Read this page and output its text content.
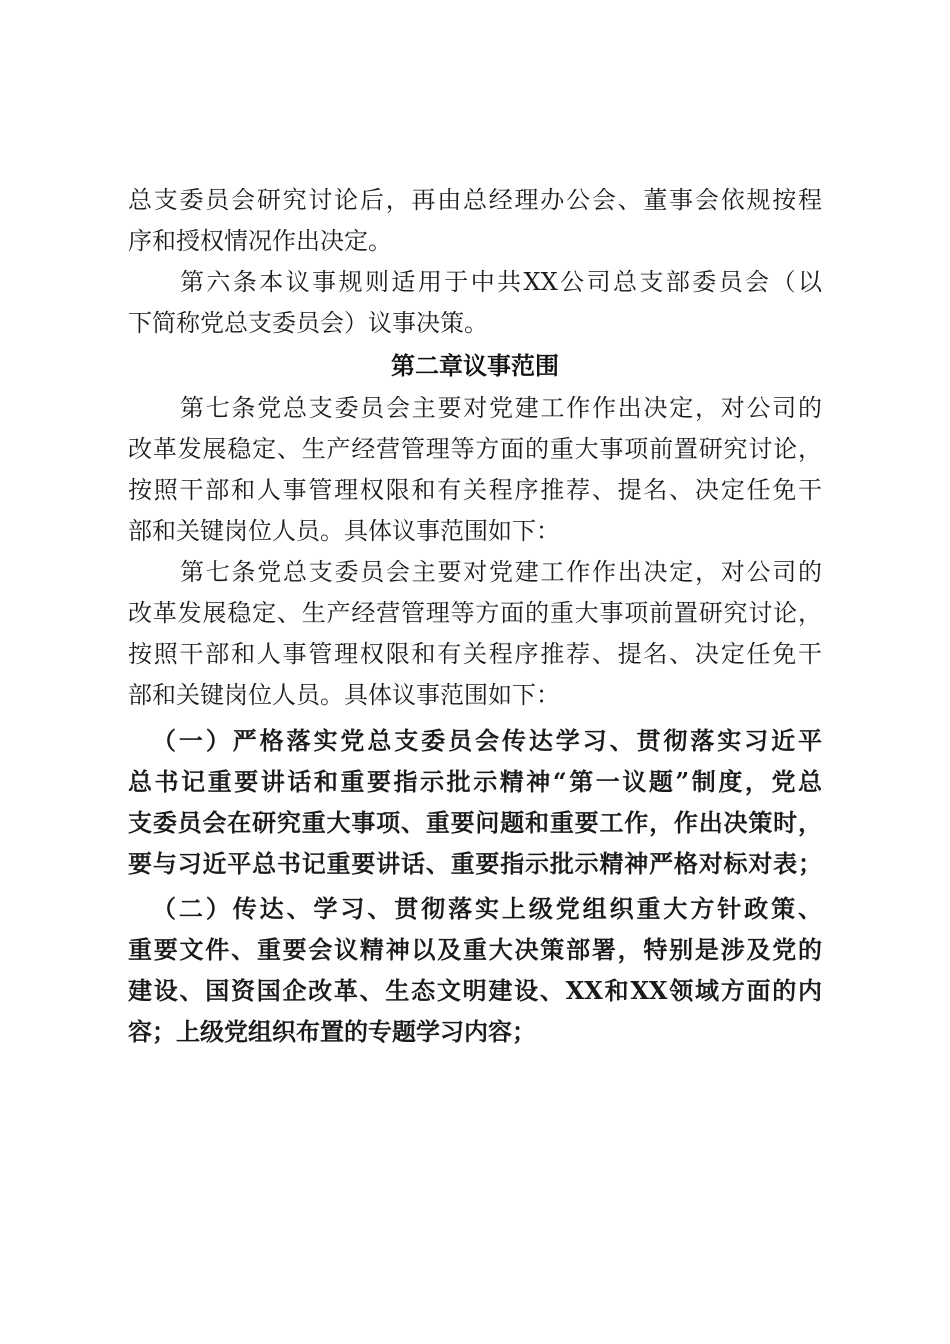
总支委员会研究讨论后，再由总经理办公会、董事会依规按程
序和授权情况作出决定。
第六条本议事规则适用于中共XX公司总支部委员会（以
下简称党总支委员会）议事决策。
第二章议事范围
第七条党总支委员会主要对党建工作作出决定，对公司的
改革发展稳定、生产经营管理等方面的重大事项前置研究讨论，
按照干部和人事管理权限和有关程序推荐、提名、决定任免干
部和关键岗位人员。具体议事范围如下：
第七条党总支委员会主要对党建工作作出决定，对公司的
改革发展稳定、生产经营管理等方面的重大事项前置研究讨论，
按照干部和人事管理权限和有关程序推荐、提名、决定任免干
部和关键岗位人员。具体议事范围如下：
（一）严格落实党总支委员会传达学习、贯彻落实习近平
总书记重要讲话和重要指示批示精神“第一议题”制度，党总
支委员会在研究重大事项、重要问题和重要工作，作出决策时，
要与习近平总书记重要讲话、重要指示批示精神严格对标对表；
（二）传达、学习、贯彻落实上级党组织重大方针政策、
重要文件、重要会议精神以及重大决策部署，特别是涉及党的
建设、国资国企改革、生态文明建设、XX和XX领域方面的内
容；上级党组织布置的专题学习内容；
